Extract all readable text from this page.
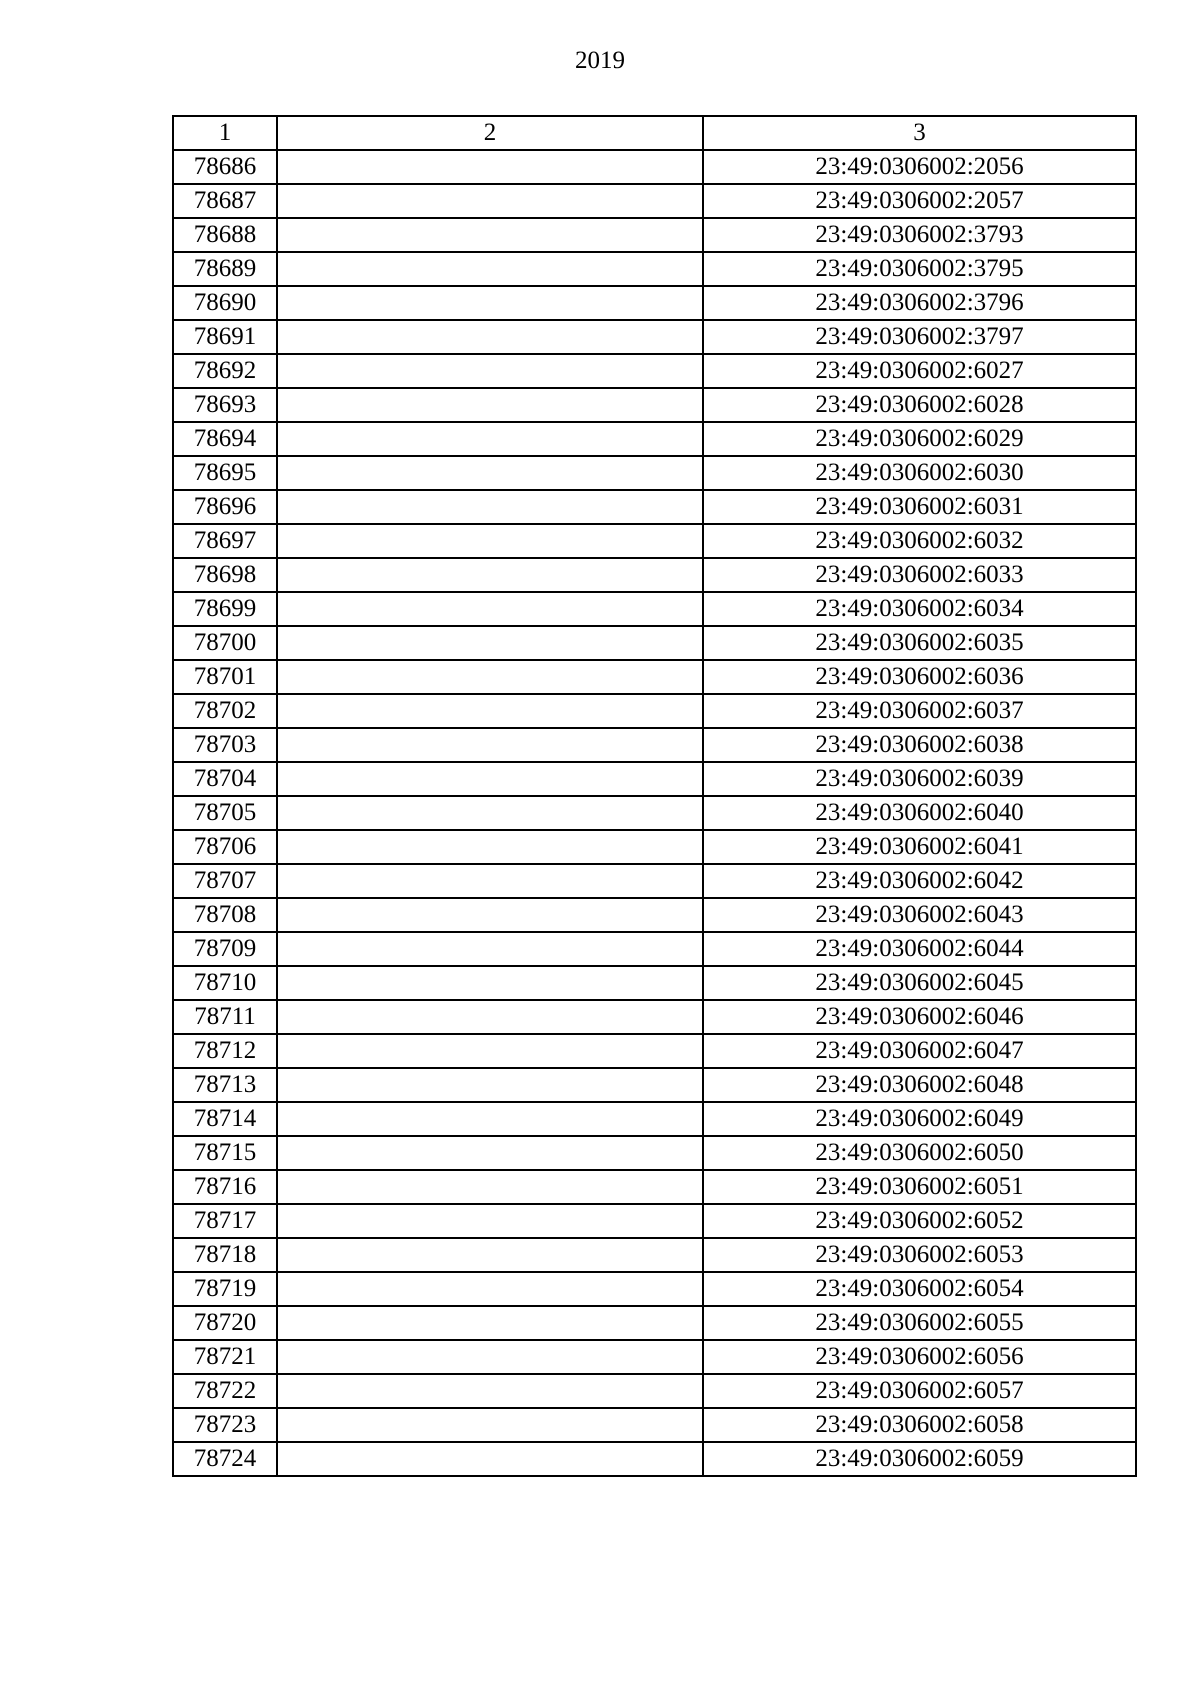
2019
1	2	3
78686		23:49:0306002:2056
78687		23:49:0306002:2057
78688		23:49:0306002:3793
78689		23:49:0306002:3795
78690		23:49:0306002:3796
78691		23:49:0306002:3797
78692		23:49:0306002:6027
78693		23:49:0306002:6028
78694		23:49:0306002:6029
78695		23:49:0306002:6030
78696		23:49:0306002:6031
78697		23:49:0306002:6032
78698		23:49:0306002:6033
78699		23:49:0306002:6034
78700		23:49:0306002:6035
78701		23:49:0306002:6036
78702		23:49:0306002:6037
78703		23:49:0306002:6038
78704		23:49:0306002:6039
78705		23:49:0306002:6040
78706		23:49:0306002:6041
78707		23:49:0306002:6042
78708		23:49:0306002:6043
78709		23:49:0306002:6044
78710		23:49:0306002:6045
78711		23:49:0306002:6046
78712		23:49:0306002:6047
78713		23:49:0306002:6048
78714		23:49:0306002:6049
78715		23:49:0306002:6050
78716		23:49:0306002:6051
78717		23:49:0306002:6052
78718		23:49:0306002:6053
78719		23:49:0306002:6054
78720		23:49:0306002:6055
78721		23:49:0306002:6056
78722		23:49:0306002:6057
78723		23:49:0306002:6058
78724		23:49:0306002:6059
